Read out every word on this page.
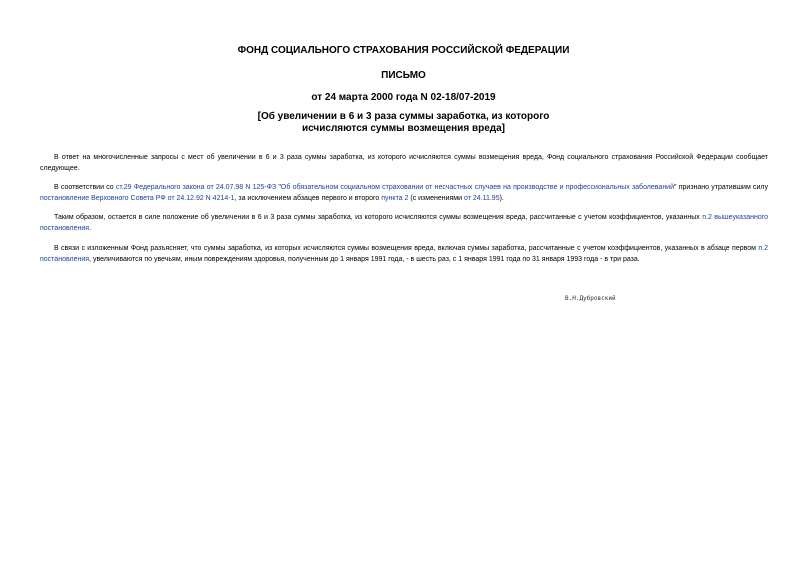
ФОНД СОЦИАЛЬНОГО СТРАХОВАНИЯ РОССИЙСКОЙ ФЕДЕРАЦИИ
ПИСЬМО
от 24 марта 2000 года N 02-18/07-2019
[Об увеличении в 6 и 3 раза суммы заработка, из которого
исчисляются суммы возмещения вреда]
В ответ на многочисленные запросы с мест об увеличении в 6 и 3 раза суммы заработка, из которого исчисляются суммы возмещения вреда, Фонд социального страхования Российской Федерации сообщает следующее.
В соответствии со ст.29 Федерального закона от 24.07.98 N 125-ФЗ "Об обязательном социальном страховании от несчастных случаев на производстве и профессиональных заболеваний" признано утратившим силу постановление Верховного Совета РФ от 24.12.92 N 4214-1, за исключением абзацев первого и второго пункта 2 (с изменениями от 24.11.95).
Таким образом, остается в силе положение об увеличении в 6 и 3 раза суммы заработка, из которого исчисляются суммы возмещения вреда, рассчитанные с учетом коэффициентов, указанных п.2 вышеуказанного постановления.
В связи с изложенным Фонд разъясняет, что суммы заработка, из которых исчисляются суммы возмещения вреда, включая суммы заработка, рассчитанные с учетом коэффициентов, указанных в абзаце первом п.2 постановления, увеличиваются по увечьям, иным повреждениям здоровья, полученным до 1 января 1991 года, - в шесть раз, с 1 января 1991 года по 31 января 1993 года - в три раза.
В.Н.Дубровский
